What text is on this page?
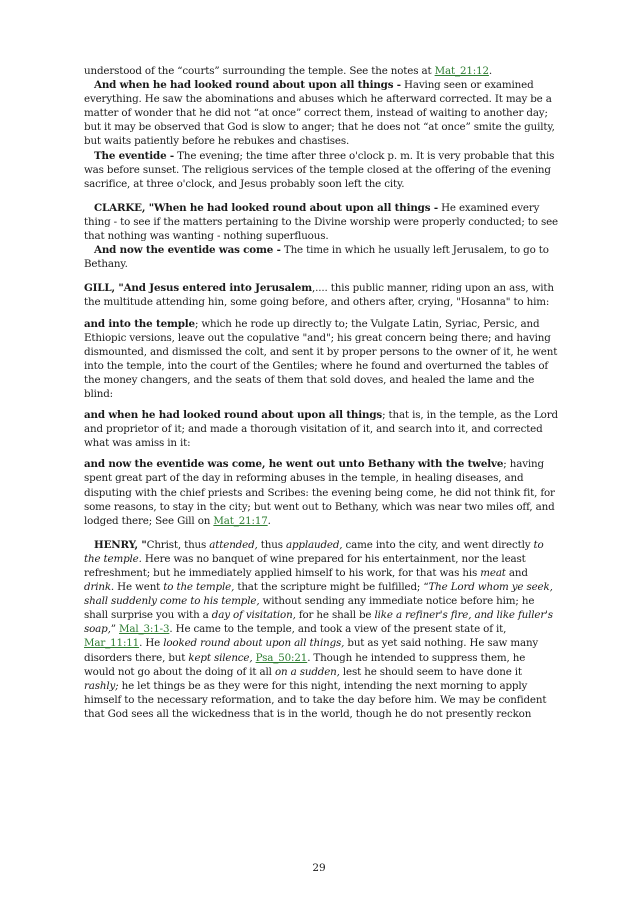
understood of the “courts” surrounding the temple. See the notes at Mat_21:12.

And when he had looked round about upon all things - Having seen or examined everything. He saw the abominations and abuses which he afterward corrected. It may be a matter of wonder that he did not “at once” correct them, instead of waiting to another day; but it may be observed that God is slow to anger; that he does not “at once” smite the guilty, but waits patiently before he rebukes and chastises.

The eventide - The evening; the time after three o'clock p. m. It is very probable that this was before sunset. The religious services of the temple closed at the offering of the evening sacrifice, at three o'clock, and Jesus probably soon left the city.

CLARKE, "When he had looked round about upon all things - He examined every thing - to see if the matters pertaining to the Divine worship were properly conducted; to see that nothing was wanting - nothing superfluous.

And now the eventide was come - The time in which he usually left Jerusalem, to go to Bethany.

GILL, "And Jesus entered into Jerusalem,.... this public manner, riding upon an ass, with the multitude attending hin, some going before, and others after, crying, "Hosanna" to him:

and into the temple; which he rode up directly to; the Vulgate Latin, Syriac, Persic, and Ethiopic versions, leave out the copulative "and"; his great concern being there; and having dismounted, and dismissed the colt, and sent it by proper persons to the owner of it, he went into the temple, into the court of the Gentiles; where he found and overturned the tables of the money changers, and the seats of them that sold doves, and healed the lame and the blind:

and when he had looked round about upon all things; that is, in the temple, as the Lord and proprietor of it; and made a thorough visitation of it, and search into it, and corrected what was amiss in it:

and now the eventide was come, he went out unto Bethany with the twelve; having spent great part of the day in reforming abuses in the temple, in healing diseases, and disputing with the chief priests and Scribes: the evening being come, he did not think fit, for some reasons, to stay in the city; but went out to Bethany, which was near two miles off, and lodged there; See Gill on Mat_21:17.

HENRY, "Christ, thus attended, thus applauded, came into the city, and went directly to the temple. Here was no banquet of wine prepared for his entertainment, nor the least refreshment; but he immediately applied himself to his work, for that was his meat and drink. He went to the temple, that the scripture might be fulfilled; “The Lord whom ye seek, shall suddenly come to his temple, without sending any immediate notice before him; he shall surprise you with a day of visitation, for he shall be like a refiner's fire, and like fuller's soap,” Mal_3:1-3. He came to the temple, and took a view of the present state of it, Mar_11:11. He looked round about upon all things, but as yet said nothing. He saw many disorders there, but kept silence, Psa_50:21. Though he intended to suppress them, he would not go about the doing of it all on a sudden, lest he should seem to have done it rashly; he let things be as they were for this night, intending the next morning to apply himself to the necessary reformation, and to take the day before him. We may be confident that God sees all the wickedness that is in the world, though he do not presently reckon

29
